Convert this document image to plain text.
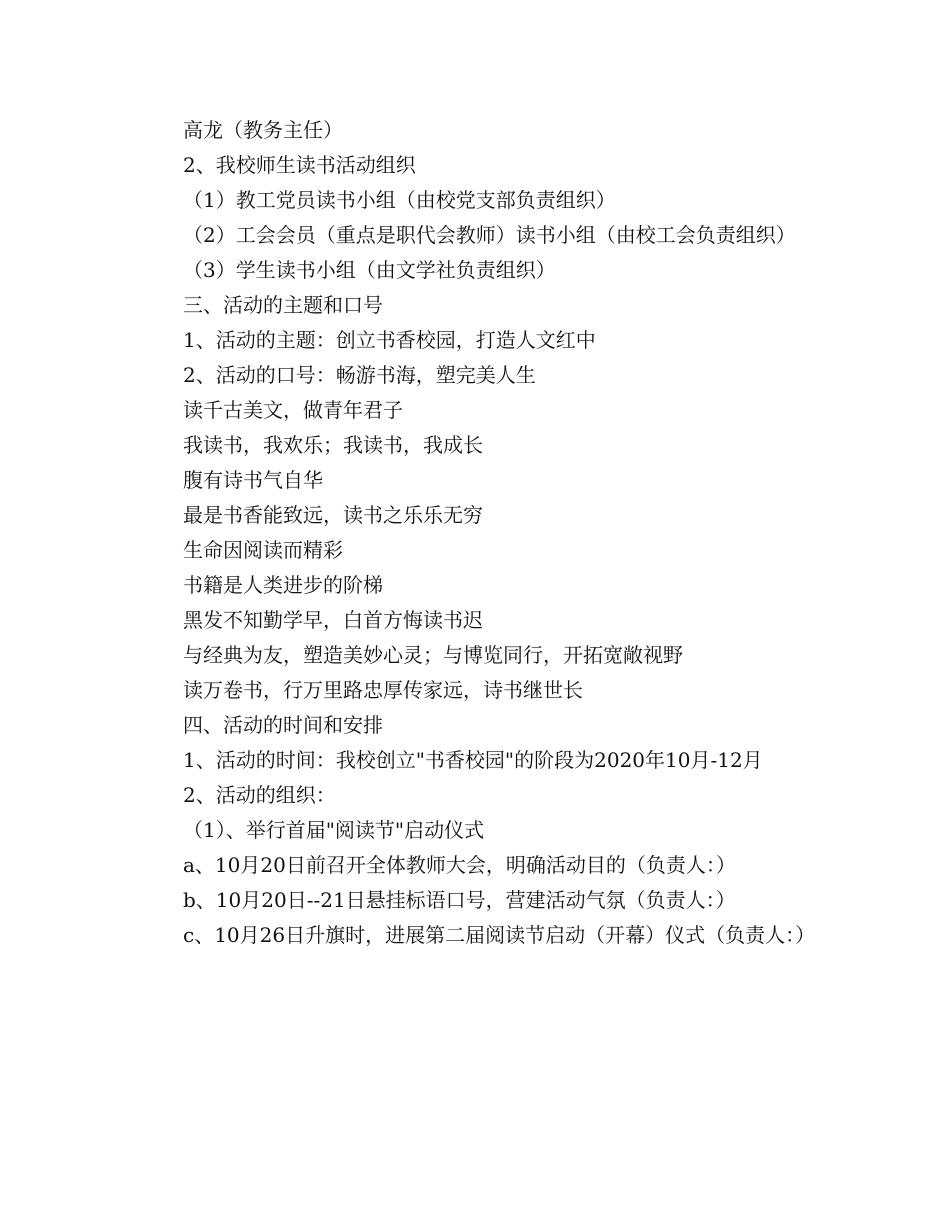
高龙（教务主任）

2、我校师生读书活动组织

（1）教工党员读书小组（由校党支部负责组织）

（2）工会会员（重点是职代会教师）读书小组（由校工会负责组织）

（3）学生读书小组（由文学社负责组织）

三、活动的主题和口号

1、活动的主题：创立书香校园，打造人文红中

2、活动的口号：畅游书海，塑完美人生

读千古美文，做青年君子

我读书，我欢乐；我读书，我成长

腹有诗书气自华

最是书香能致远，读书之乐乐无穷

生命因阅读而精彩

书籍是人类进步的阶梯

黑发不知勤学早，白首方悔读书迟

与经典为友，塑造美妙心灵；与博览同行，开拓宽敞视野

读万卷书，行万里路忠厚传家远，诗书继世长

四、活动的时间和安排

1、活动的时间：我校创立"书香校园"的阶段为2020年10月-12月

2、活动的组织：

（1）、举行首届"阅读节"启动仪式

a、10月20日前召开全体教师大会，明确活动目的（负责人：）

b、10月20日--21日悬挂标语口号，营建活动气氛（负责人：）

c、10月26日升旗时，进展第二届阅读节启动（开幕）仪式（负责人：）
